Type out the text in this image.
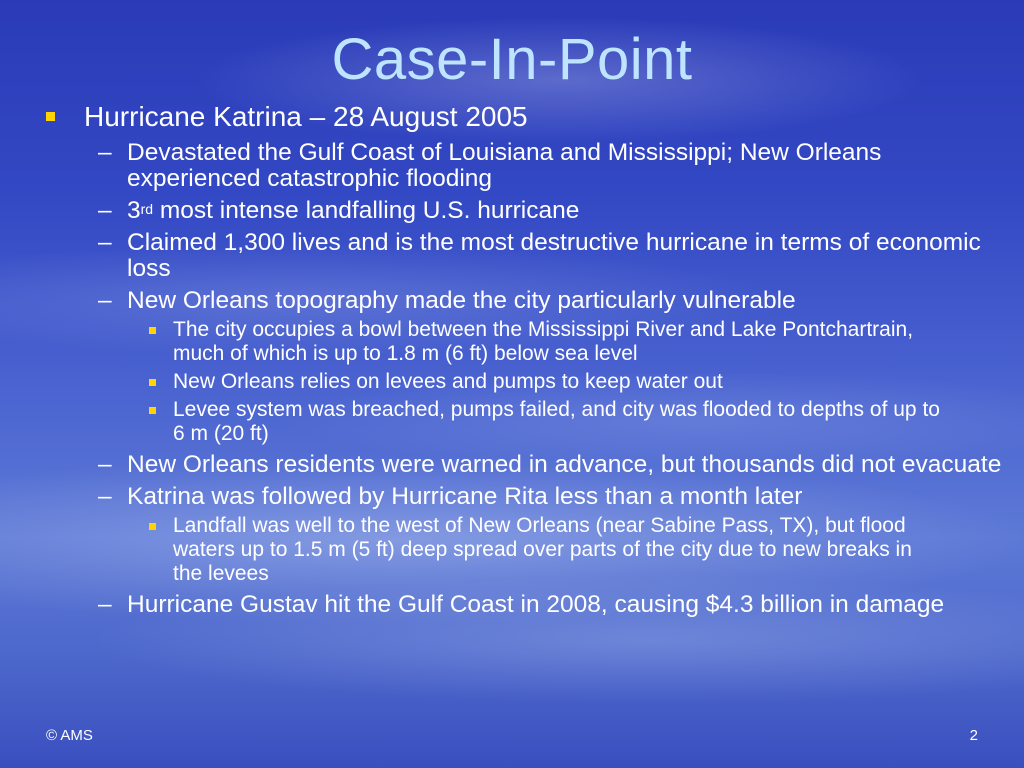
Case-In-Point
Hurricane Katrina – 28 August 2005
– Devastated the Gulf Coast of Louisiana and Mississippi; New Orleans experienced catastrophic flooding
– 3rd most intense landfalling U.S. hurricane
– Claimed 1,300 lives and is the most destructive hurricane in terms of economic loss
– New Orleans topography made the city particularly vulnerable
The city occupies a bowl between the Mississippi River and Lake Pontchartrain, much of which is up to 1.8 m (6 ft) below sea level
New Orleans relies on levees and pumps to keep water out
Levee system was breached, pumps failed, and city was flooded to depths of up to 6 m (20 ft)
– New Orleans residents were warned in advance, but thousands did not evacuate
– Katrina was followed by Hurricane Rita less than a month later
Landfall was well to the west of New Orleans (near Sabine Pass, TX), but flood waters up to 1.5 m (5 ft) deep spread over parts of the city due to new breaks in the levees
– Hurricane Gustav hit the Gulf Coast in 2008, causing $4.3 billion in damage
© AMS	2
